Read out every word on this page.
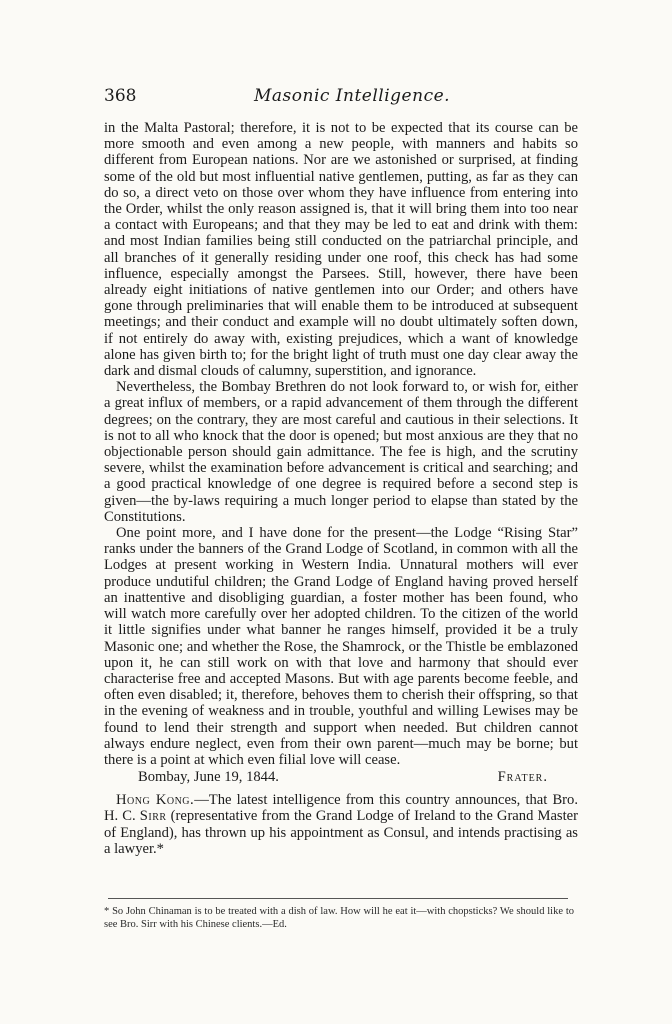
368	Masonic Intelligence.

in the Malta Pastoral; therefore, it is not to be expected that its course can be more smooth and even among a new people, with manners and habits so different from European nations. Nor are we astonished or surprised, at finding some of the old but most influential native gentlemen, putting, as far as they can do so, a direct veto on those over whom they have influence from entering into the Order, whilst the only reason assigned is, that it will bring them into too near a contact with Europeans; and that they may be led to eat and drink with them: and most Indian families being still conducted on the patriarchal principle, and all branches of it generally residing under one roof, this check has had some influence, especially amongst the Parsees. Still, however, there have been already eight initiations of native gentlemen into our Order; and others have gone through preliminaries that will enable them to be introduced at subsequent meetings; and their conduct and example will no doubt ultimately soften down, if not entirely do away with, existing prejudices, which a want of knowledge alone has given birth to; for the bright light of truth must one day clear away the dark and dismal clouds of calumny, superstition, and ignorance.

Nevertheless, the Bombay Brethren do not look forward to, or wish for, either a great influx of members, or a rapid advancement of them through the different degrees; on the contrary, they are most careful and cautious in their selections. It is not to all who knock that the door is opened; but most anxious are they that no objectionable person should gain admittance. The fee is high, and the scrutiny severe, whilst the examination before advancement is critical and searching; and a good practical knowledge of one degree is required before a second step is given—the by-laws requiring a much longer period to elapse than stated by the Constitutions.

One point more, and I have done for the present—the Lodge “Rising Star” ranks under the banners of the Grand Lodge of Scotland, in common with all the Lodges at present working in Western India. Unnatural mothers will ever produce undutiful children; the Grand Lodge of England having proved herself an inattentive and disobliging guardian, a foster mother has been found, who will watch more carefully over her adopted children. To the citizen of the world it little signifies under what banner he ranges himself, provided it be a truly Masonic one; and whether the Rose, the Shamrock, or the Thistle be emblazoned upon it, he can still work on with that love and harmony that should ever characterise free and accepted Masons. But with age parents become feeble, and often even disabled; it, therefore, behoves them to cherish their offspring, so that in the evening of weakness and in trouble, youthful and willing Lewises may be found to lend their strength and support when needed. But children cannot always endure neglect, even from their own parent—much may be borne; but there is a point at which even filial love will cease.

Bombay, June 19, 1844.	Frater.

Hong Kong.—The latest intelligence from this country announces, that Bro. H. C. Sirr (representative from the Grand Lodge of Ireland to the Grand Master of England), has thrown up his appointment as Consul, and intends practising as a lawyer.*

* So John Chinaman is to be treated with a dish of law. How will he eat it—with chopsticks? We should like to see Bro. Sirr with his Chinese clients.—Ed.
